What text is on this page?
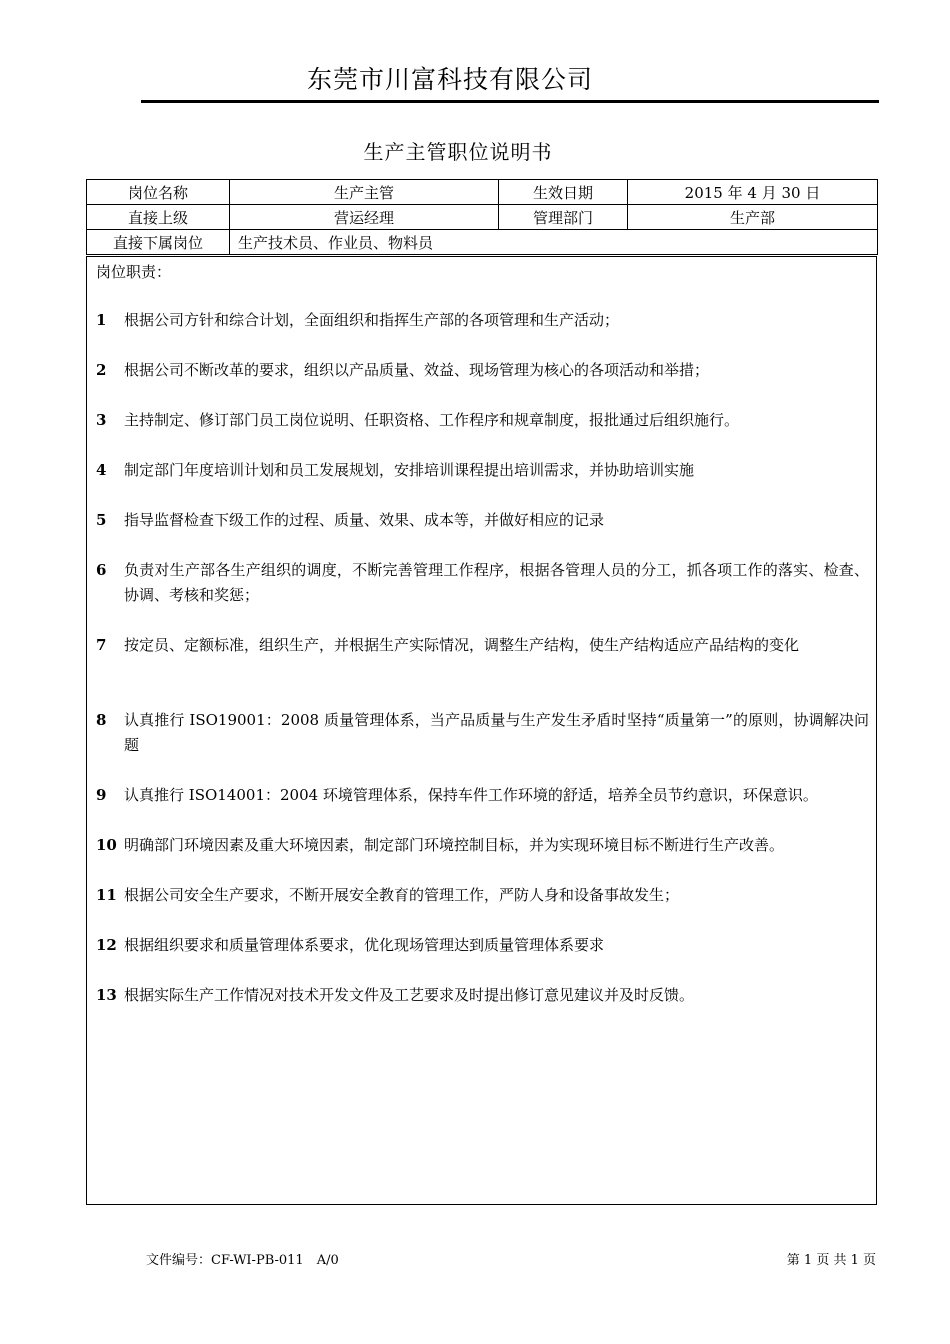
东莞市川富科技有限公司
生产主管职位说明书
岗位名称	生产主管	生效日期	2015 年 4 月 30 日
直接上级	营运经理	管理部门	生产部
直接下属岗位	生产技术员、作业员、物料员		
岗位职责：
1 根据公司方针和综合计划，全面组织和指挥生产部的各项管理和生产活动；
2 根据公司不断改革的要求，组织以产品质量、效益、现场管理为核心的各项活动和举措；
3 主持制定、修订部门员工岗位说明、任职资格、工作程序和规章制度，报批通过后组织施行。
4 制定部门年度培训计划和员工发展规划，安排培训课程提出培训需求，并协助培训实施
5 指导监督检查下级工作的过程、质量、效果、成本等，并做好相应的记录
6 负责对生产部各生产组织的调度，不断完善管理工作程序，根据各管理人员的分工，抓各项工作的落实、检查、协调、考核和奖惩；
7 按定员、定额标准，组织生产，并根据生产实际情况，调整生产结构，使生产结构适应产品结构的变化
8 认真推行 ISO19001：2008 质量管理体系，当产品质量与生产发生矛盾时坚持“质量第一”的原则，协调解决问题
9 认真推行 ISO14001：2004 环境管理体系，保持车件工作环境的舒适，培养全员节约意识，环保意识。
10 明确部门环境因素及重大环境因素，制定部门环境控制目标，并为实现环境目标不断进行生产改善。
11 根据公司安全生产要求，不断开展安全教育的管理工作，严防人身和设备事故发生；
12 根据组织要求和质量管理体系要求，优化现场管理达到质量管理体系要求
13 根据实际生产工作情况对技术开发文件及工艺要求及时提出修订意见建议并及时反馈。
文件编号：CF-WI-PB-011　A/0	第 1 页 共 1 页
